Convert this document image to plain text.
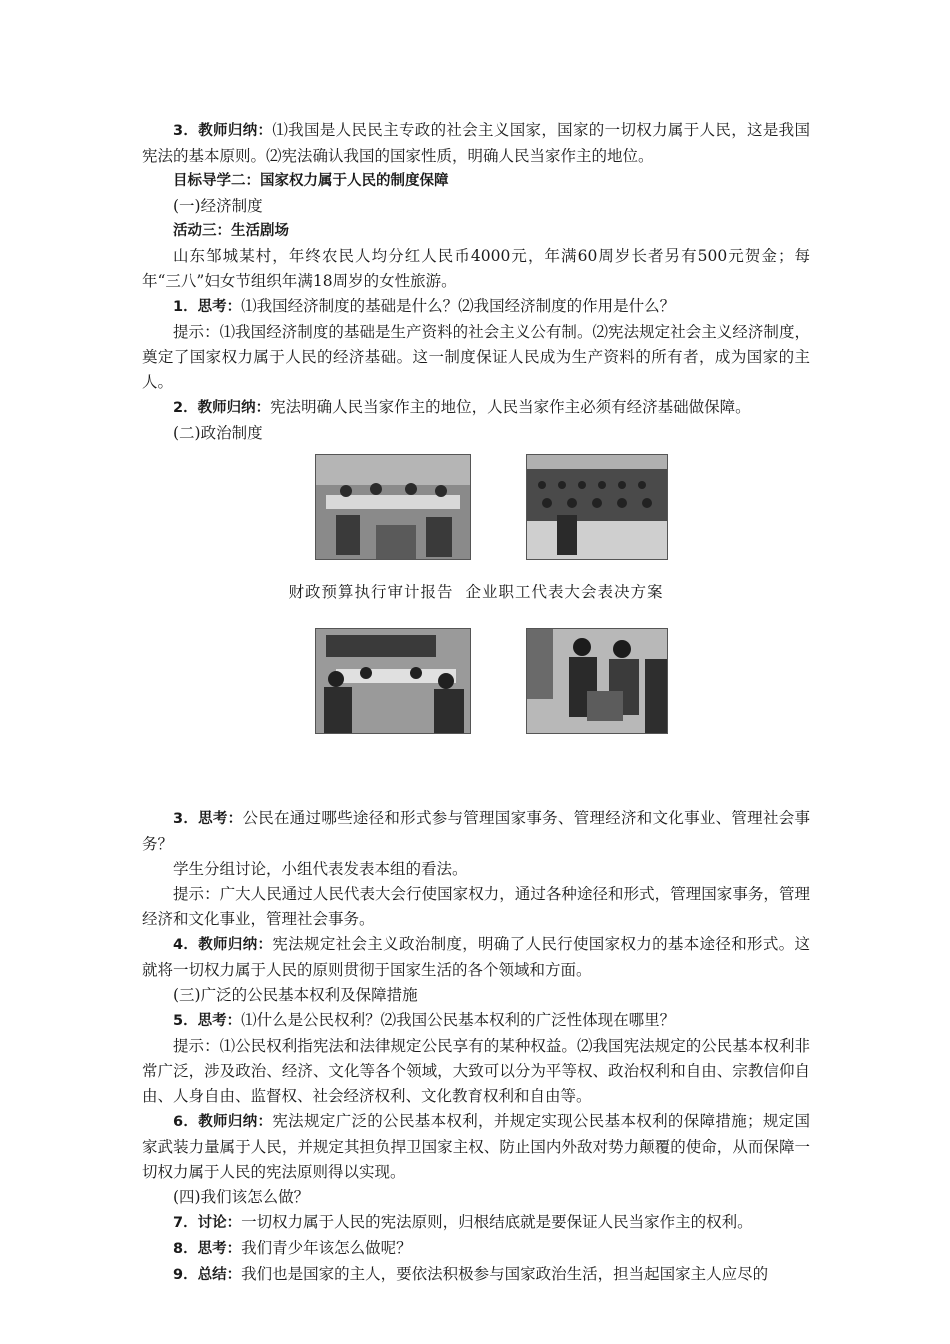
3．教师归纳：⑴我国是人民民主专政的社会主义国家，国家的一切权力属于人民，这是我国宪法的基本原则。⑵宪法确认我国的国家性质，明确人民当家作主的地位。

目标导学二：国家权力属于人民的制度保障

(一)经济制度

活动三：生活剧场

山东邹城某村，年终农民人均分红人民币4000元，年满60周岁长者另有500元贺金；每年“三八”妇女节组织年满18周岁的女性旅游。

1．思考：⑴我国经济制度的基础是什么？⑵我国经济制度的作用是什么？

提示：⑴我国经济制度的基础是生产资料的社会主义公有制。⑵宪法规定社会主义经济制度，奠定了国家权力属于人民的经济基础。这一制度保证人民成为生产资料的所有者，成为国家的主人。

2．教师归纳：宪法明确人民当家作主的地位，人民当家作主必须有经济基础做保障。

(二)政治制度

财政预算执行审计报告 企业职工代表大会表决方案

3．思考：公民在通过哪些途径和形式参与管理国家事务、管理经济和文化事业、管理社会事务？

学生分组讨论，小组代表发表本组的看法。

提示：广大人民通过人民代表大会行使国家权力，通过各种途径和形式，管理国家事务，管理经济和文化事业，管理社会事务。

4．教师归纳：宪法规定社会主义政治制度，明确了人民行使国家权力的基本途径和形式。这就将一切权力属于人民的原则贯彻于国家生活的各个领域和方面。

(三)广泛的公民基本权利及保障措施

5．思考：⑴什么是公民权利？⑵我国公民基本权利的广泛性体现在哪里？

提示：⑴公民权利指宪法和法律规定公民享有的某种权益。⑵我国宪法规定的公民基本权利非常广泛，涉及政治、经济、文化等各个领域，大致可以分为平等权、政治权利和自由、宗教信仰自由、人身自由、监督权、社会经济权利、文化教育权利和自由等。

6．教师归纳：宪法规定广泛的公民基本权利，并规定实现公民基本权利的保障措施；规定国家武装力量属于人民，并规定其担负捍卫国家主权、防止国内外敌对势力颠覆的使命，从而保障一切权力属于人民的宪法原则得以实现。

(四)我们该怎么做？

7．讨论：一切权力属于人民的宪法原则，归根结底就是要保证人民当家作主的权利。

8．思考：我们青少年该怎么做呢？

9．总结：我们也是国家的主人，要依法积极参与国家政治生活，担当起国家主人应尽的
